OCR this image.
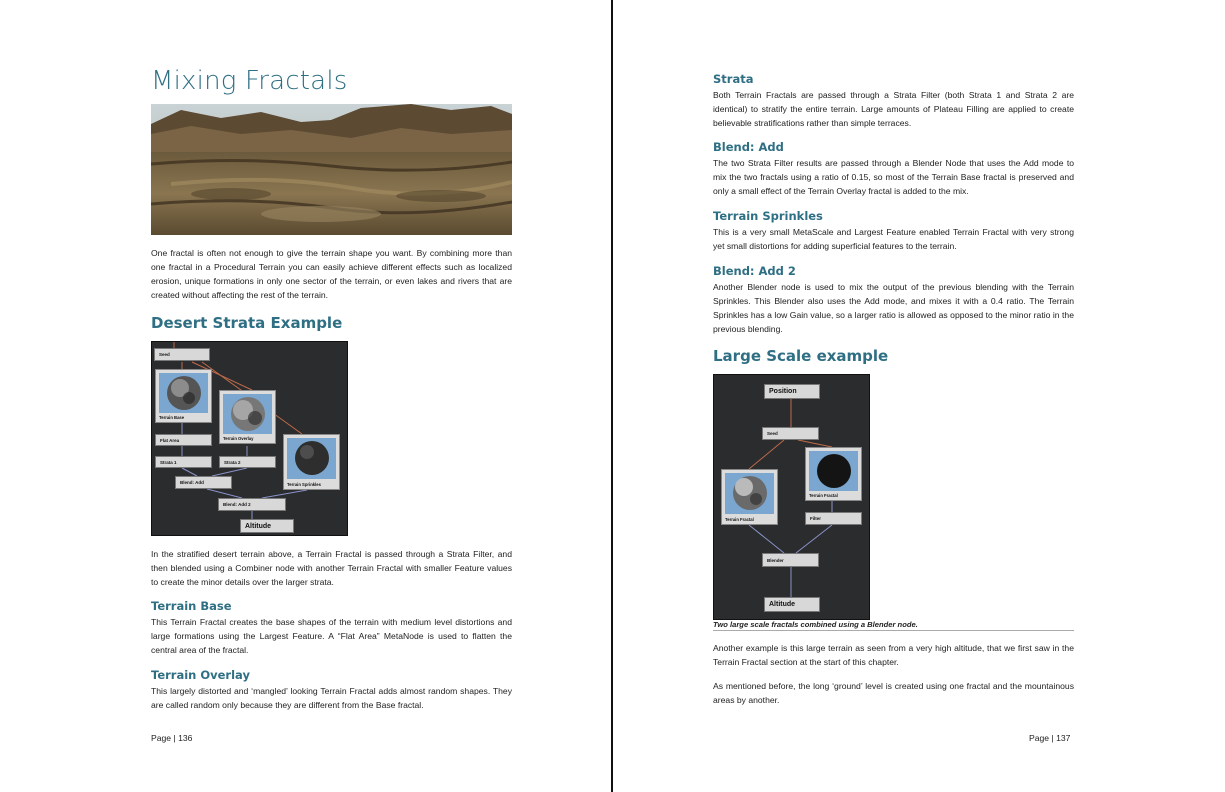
Mixing Fractals
One fractal is often not enough to give the terrain shape you want. By combining more than one fractal in a Procedural Terrain you can easily achieve different effects such as localized erosion, unique formations in only one sector of the terrain, or even lakes and rivers that are created without affecting the rest of the terrain.
Desert Strata Example
Seed
Terrain Base
Terrain Overlay
Terrain Sprinkles
Flat Area
Strata 1	Strata 2
Blend: Add
Blend: Add 2
Altitude
In the stratified desert terrain above, a Terrain Fractal is passed through a Strata Filter, and then blended using a Combiner node with another Terrain Fractal with smaller Feature values to create the minor details over the larger strata.
Terrain Base
This Terrain Fractal creates the base shapes of the terrain with medium level distortions and large formations using the Largest Feature. A “Flat Area” MetaNode is used to flatten the central area of the fractal.
Terrain Overlay
This largely distorted and ‘mangled’ looking Terrain Fractal adds almost random shapes. They are called random only because they are different from the Base fractal.
Page | 136
Strata
Both Terrain Fractals are passed through a Strata Filter (both Strata 1 and Strata 2 are identical) to stratify the entire terrain. Large amounts of Plateau Filling are applied to create believable stratifications rather than simple terraces.
Blend: Add
The two Strata Filter results are passed through a Blender Node that uses the Add mode to mix the two fractals using a ratio of 0.15, so most of the Terrain Base fractal is preserved and only a small effect of the Terrain Overlay fractal is added to the mix.
Terrain Sprinkles
This is a very small MetaScale and Largest Feature enabled Terrain Fractal with very strong yet small distortions for adding superficial features to the terrain.
Blend: Add 2
Another Blender node is used to mix the output of the previous blending with the Terrain Sprinkles. This Blender also uses the Add mode, and mixes it with a 0.4 ratio. The Terrain Sprinkles has a low Gain value, so a larger ratio is allowed as opposed to the minor ratio in the previous blending.
Large Scale example
Position
Seed
Terrain Fractal
Terrain Fractal
Filter
Blender
Altitude
Two large scale fractals combined using a Blender node.
Another example is this large terrain as seen from a very high altitude, that we first saw in the Terrain Fractal section at the start of this chapter.
As mentioned before, the long ‘ground’ level is created using one fractal and the mountainous areas by another.
Page | 137
